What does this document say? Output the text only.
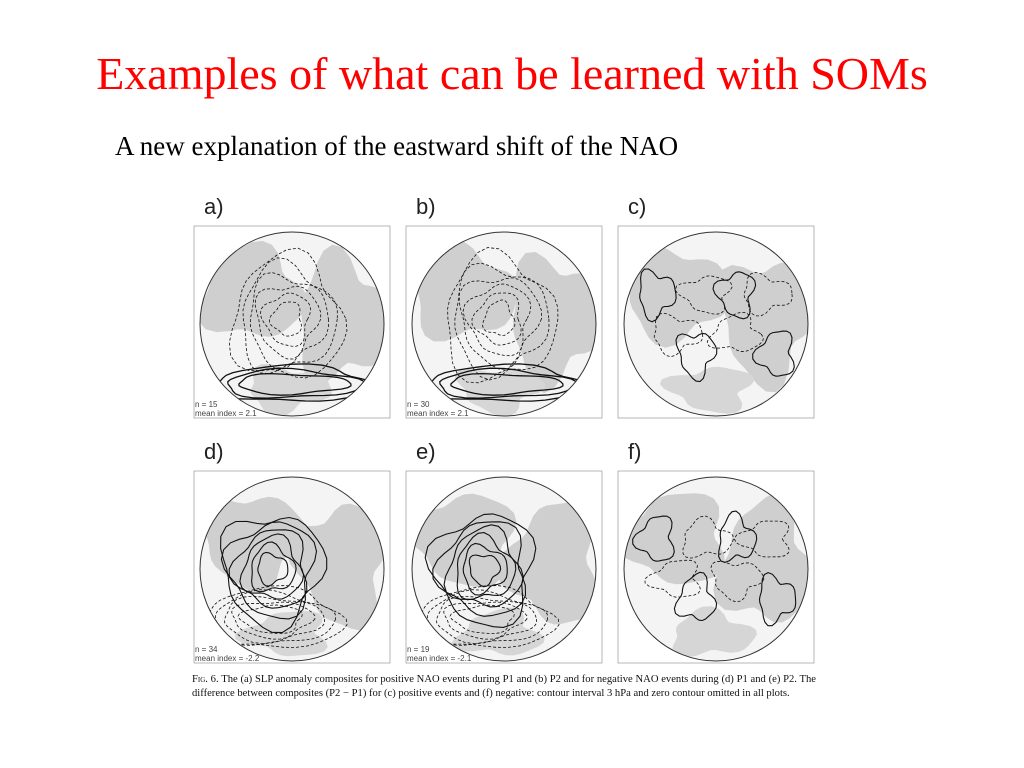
Examples of what can be learned with SOMs
A new explanation of the eastward shift of the NAO
a)
n = 15
mean index = 2.1
b)
n = 30
mean index = 2.1
c)
d)
n = 34
mean index = -2.2
e)
n = 19
mean index = -2.1
f)
Fig. 6. The (a) SLP anomaly composites for positive NAO events during P1 and (b) P2 and for negative NAO events during (d) P1 and (e) P2. The difference between composites (P2 − P1) for (c) positive events and (f) negative: contour interval 3 hPa and zero contour omitted in all plots.
